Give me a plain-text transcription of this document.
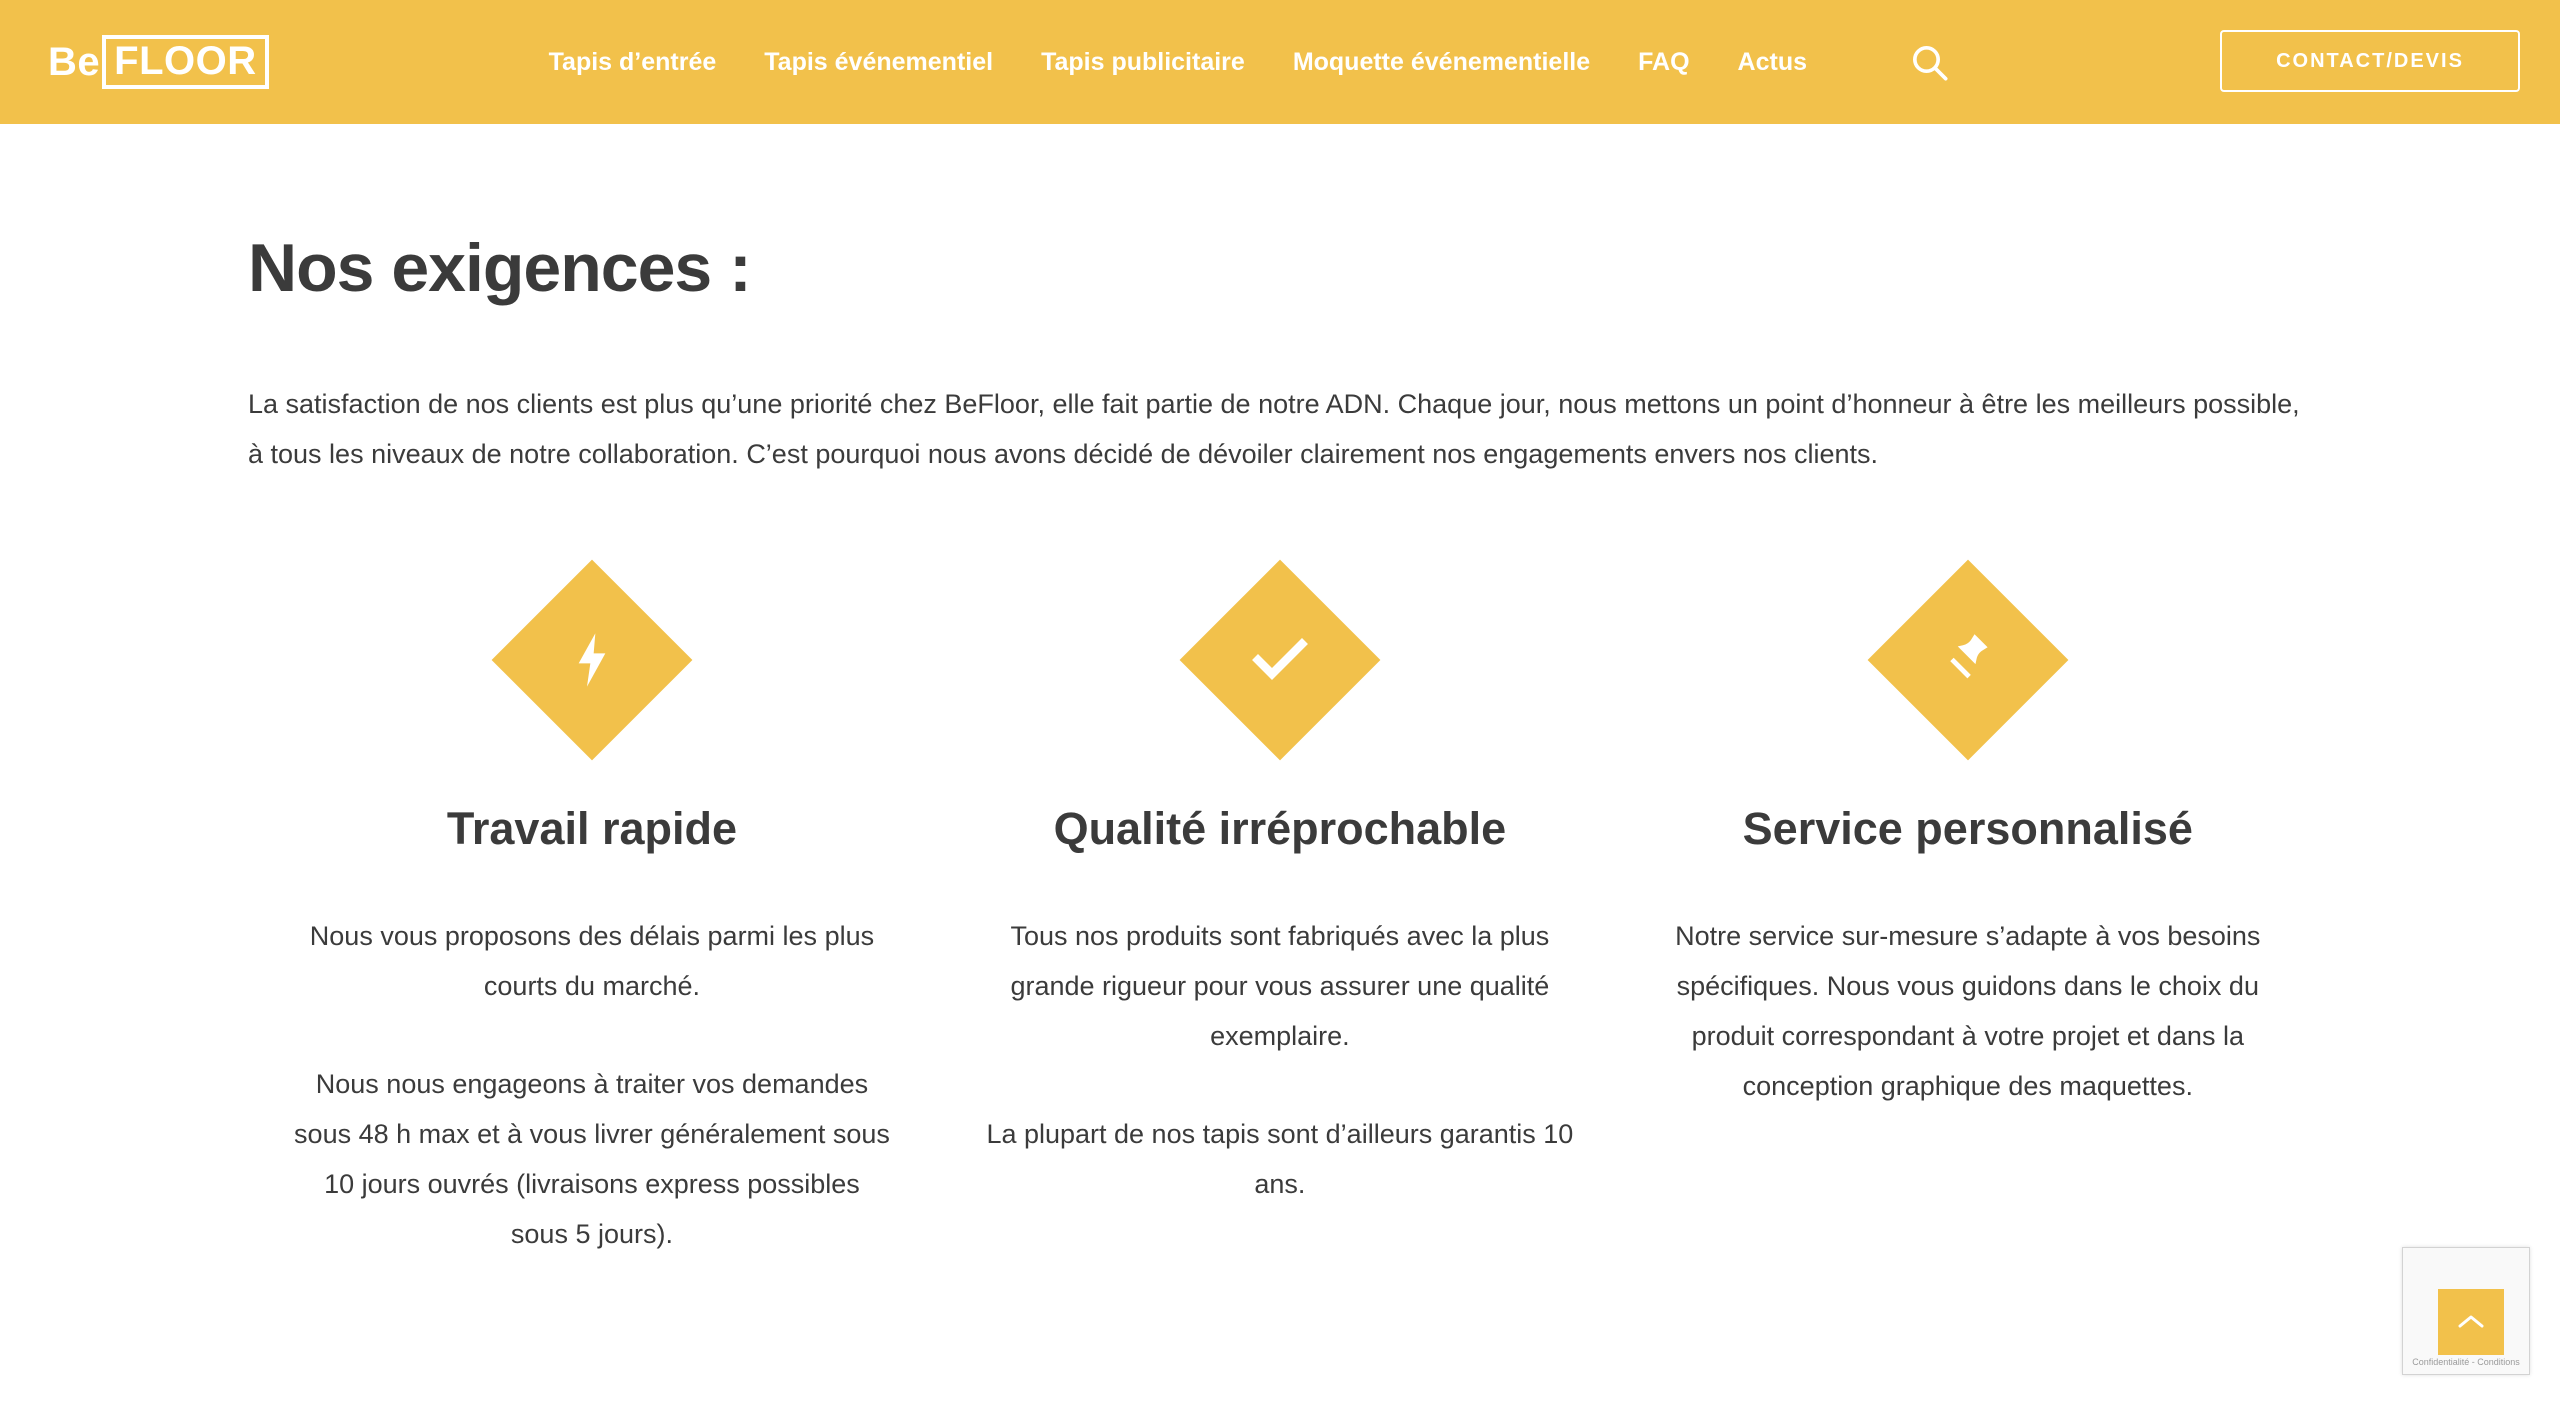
Be FLOOR	Tapis d’entrée Tapis événementiel Tapis publicitaire Moquette événementielle FAQ Actus	CONTACT/DEVIS
Nos exigences :

La satisfaction de nos clients est plus qu’une priorité chez BeFloor, elle fait partie de notre ADN. Chaque jour, nous mettons un point d’honneur à être les meilleurs possible, à tous les niveaux de notre collaboration. C’est pourquoi nous avons décidé de dévoiler clairement nos engagements envers nos clients.

Travail rapide

Nous vous proposons des délais parmi les plus courts du marché.

Nous nous engageons à traiter vos demandes sous 48 h max et à vous livrer généralement sous 10 jours ouvrés (livraisons express possibles sous 5 jours).

Qualité irréprochable

Tous nos produits sont fabriqués avec la plus grande rigueur pour vous assurer une qualité exemplaire.

La plupart de nos tapis sont d’ailleurs garantis 10 ans.

Service personnalisé

Notre service sur-mesure s’adapte à vos besoins spécifiques. Nous vous guidons dans le choix du produit correspondant à votre projet et dans la conception graphique des maquettes.

Confidentialité - Conditions
